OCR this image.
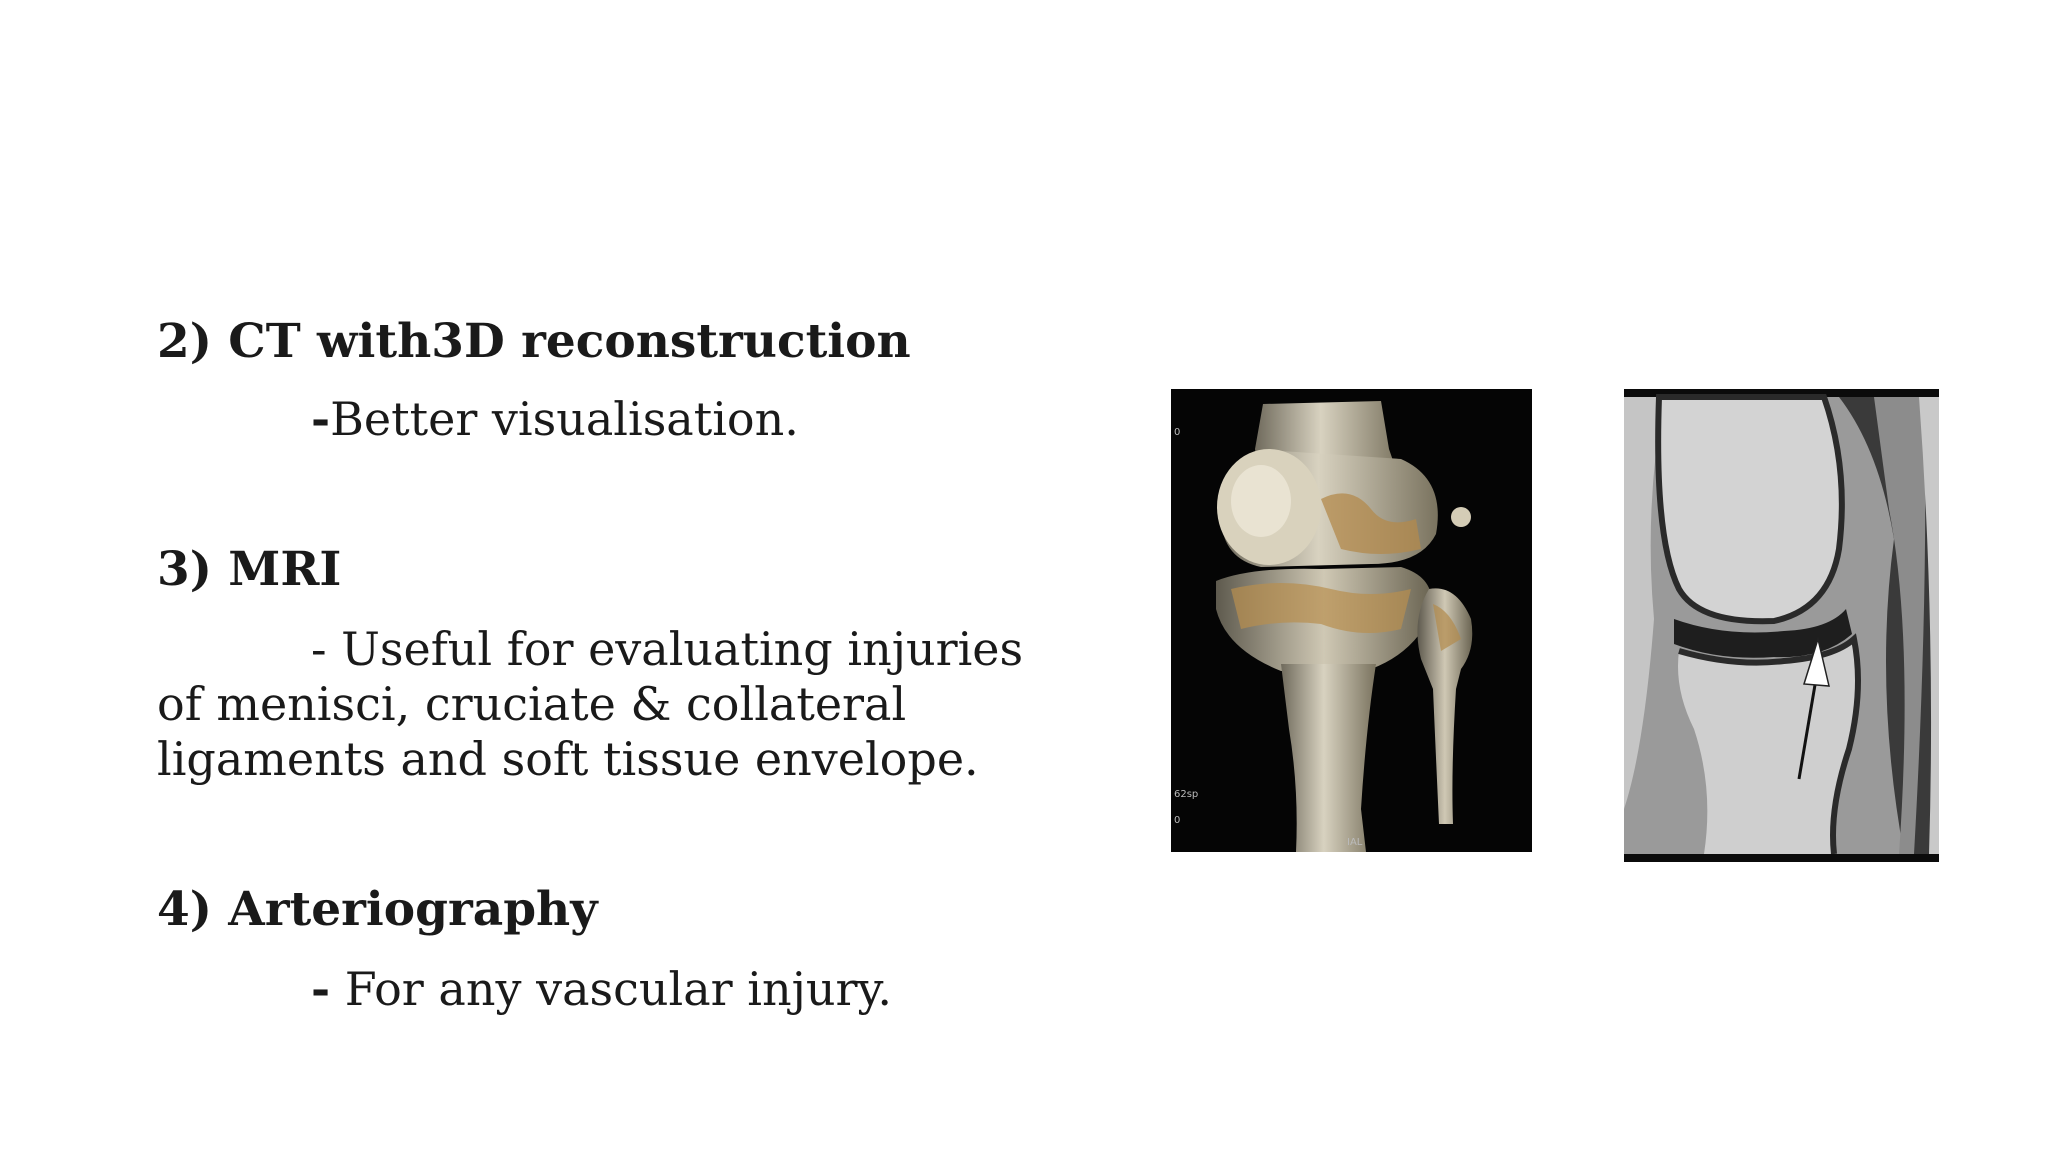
2) CT with3D reconstruction
-Better visualisation.
3) MRI
- Useful for evaluating injuries
of menisci, cruciate & collateral
ligaments and soft tissue envelope.
4) Arteriography
- For any vascular injury.
0
62sp
0
IAL
